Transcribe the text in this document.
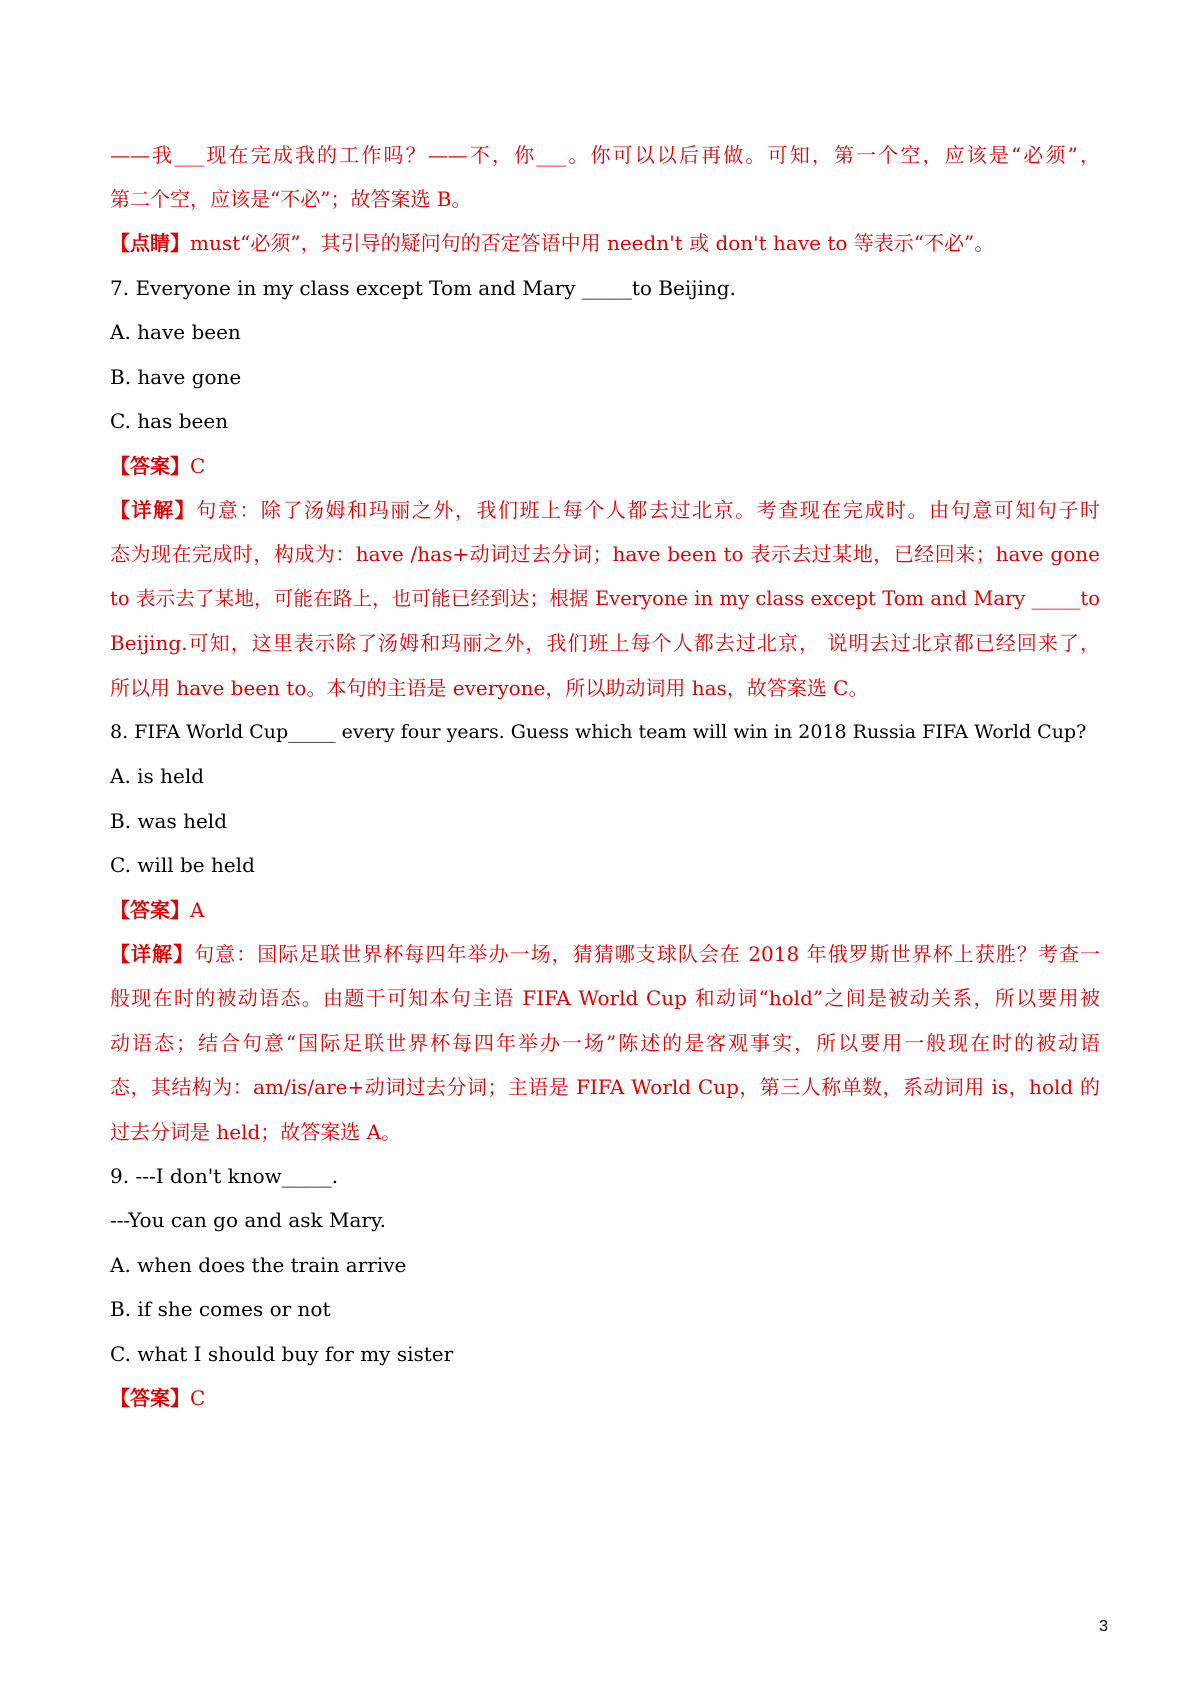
——我___现在完成我的工作吗？——不，你___。你可以以后再做。可知，第一个空，应该是“必须”，
第二个空，应该是“不必”；故答案选 B。
【点睛】must“必须”，其引导的疑问句的否定答语中用 needn't 或 don't have to 等表示“不必”。
7. Everyone in my class except Tom and Mary _____to Beijing.
A. have been
B. have gone
C. has been
【答案】C
【详解】句意：除了汤姆和玛丽之外，我们班上每个人都去过北京。考查现在完成时。由句意可知句子时
态为现在完成时，构成为：have /has+动词过去分词；have been to 表示去过某地，已经回来；have gone
to 表示去了某地，可能在路上，也可能已经到达；根据 Everyone in my class except Tom and Mary _____to
Beijing.可知，这里表示除了汤姆和玛丽之外，我们班上每个人都去过北京， 说明去过北京都已经回来了，
所以用 have been to。本句的主语是 everyone，所以助动词用 has，故答案选 C。
8. FIFA World Cup_____ every four years. Guess which team will win in 2018 Russia FIFA World Cup?
A. is held
B. was held
C. will be held
【答案】A
【详解】句意：国际足联世界杯每四年举办一场，猜猜哪支球队会在 2018 年俄罗斯世界杯上获胜？考查一
般现在时的被动语态。由题干可知本句主语 FIFA World Cup 和动词“hold”之间是被动关系，所以要用被
动语态；结合句意“国际足联世界杯每四年举办一场”陈述的是客观事实，所以要用一般现在时的被动语
态，其结构为：am/is/are+动词过去分词；主语是 FIFA World Cup，第三人称单数，系动词用 is，hold 的
过去分词是 held；故答案选 A。
9. ---I don't know_____.
---You can go and ask Mary.
A. when does the train arrive
B. if she comes or not
C. what I should buy for my sister
【答案】C
3
